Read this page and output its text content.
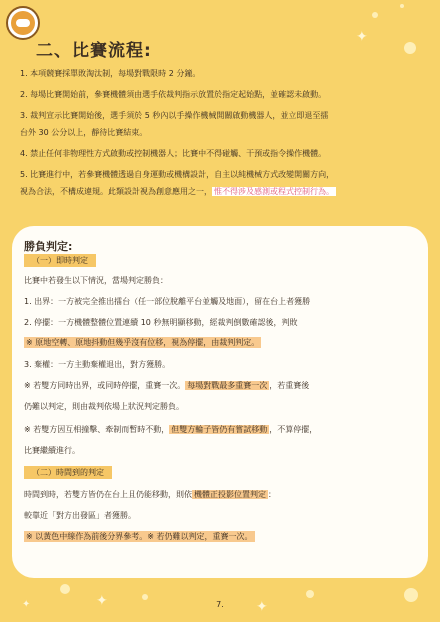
✦
✦	✦
✦
二、比賽流程:
1. 本項競賽採單敗淘汰制，每場對戰限時 2 分鐘。
2. 每場比賽開始前，參賽機體須由選手依裁判指示放置於指定起始點，並確認未啟動。
3. 裁判宣示比賽開始後，選手須於 5 秒內以手操作機械開關啟動機器人，並立即退至擂
台外 30 公分以上，靜待比賽結束。
4. 禁止任何非物理性方式啟動或控制機器人；比賽中不得碰觸、干預或指令操作機體。
5. 比賽進行中，若參賽機體透過自身運動或機構設計，自主以純機械方式改變開關方向，
視為合法，不構成違規。此類設計視為創意應用之一， 惟不得涉及感測或程式控制行為。
勝負判定:
（一）即時判定
比賽中若發生以下情況，當場判定勝負：
1. 出界：一方被完全推出擂台（任一部位脫離平台並觸及地面），留在台上者獲勝
2. 停擺：一方機體整體位置連續 10 秒無明顯移動，經裁判倒數確認後，判敗
※ 原地空轉、原地抖動但幾乎沒有位移，視為停擺，由裁判判定。
3. 棄權：一方主動棄權退出，對方獲勝。
※ 若雙方同時出界，或同時停擺，重賽一次。 每場對戰最多重賽一次 ，若重賽後
仍難以判定，則由裁判依場上狀況判定勝負。
※ 若雙方因互相撞擊、牽制而暫時不動， 但雙方輪子皆仍有嘗試移動 ，不算停擺，
比賽繼續進行。
（二）時間到的判定
時間到時，若雙方皆仍在台上且仍能移動，則依 機體正投影位置判定 ：
較靠近「對方出發區」者獲勝。
※ 以黃色中線作為前後分界參考。※ 若仍難以判定，重賽一次。
7.
